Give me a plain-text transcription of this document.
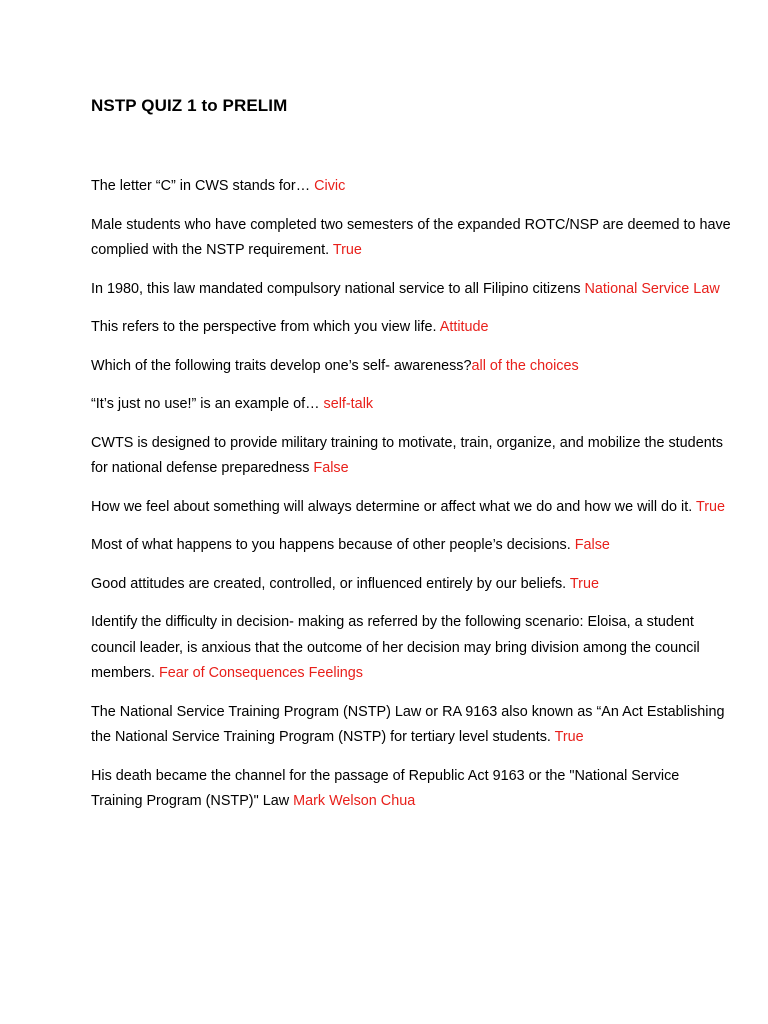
NSTP QUIZ 1 to PRELIM

The letter “C” in CWS stands for… Civic

Male students who have completed two semesters of the expanded ROTC/NSP are deemed to have complied with the NSTP requirement. True

In 1980, this law mandated compulsory national service to all Filipino citizens National Service Law

This refers to the perspective from which you view life. Attitude

Which of the following traits develop one’s self- awareness?all of the choices

“It’s just no use!” is an example of… self-talk

CWTS is designed to provide military training to motivate, train, organize, and mobilize the students for national defense preparedness False

How we feel about something will always determine or affect what we do and how we will do it. True

Most of what happens to you happens because of other people’s decisions. False

Good attitudes are created, controlled, or influenced entirely by our beliefs. True

Identify the difficulty in decision- making as referred by the following scenario: Eloisa, a student council leader, is anxious that the outcome of her decision may bring division among the council members. Fear of Consequences Feelings

The National Service Training Program (NSTP) Law or RA 9163 also known as “An Act Establishing the National Service Training Program (NSTP) for tertiary level students. True

His death became the channel for the passage of Republic Act 9163 or the "National Service Training Program (NSTP)" Law Mark Welson Chua
